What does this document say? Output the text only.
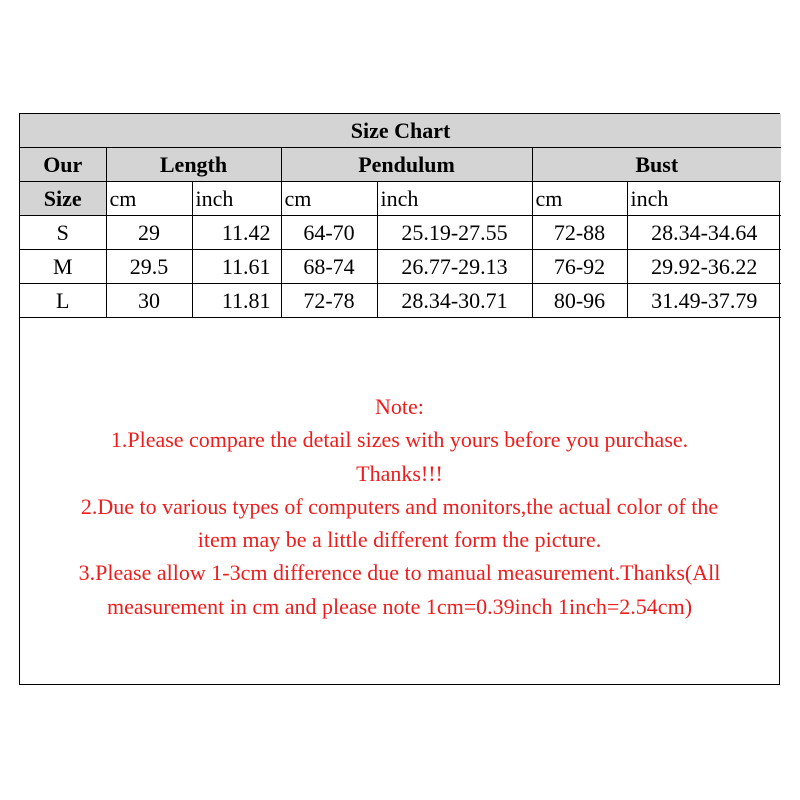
Size Chart						
Our	Length		Pendulum		Bust	
Size	cm	inch	cm	inch	cm	inch
S	29	11.42	64-70	25.19-27.55	72-88	28.34-34.64
M	29.5	11.61	68-74	26.77-29.13	76-92	29.92-36.22
L	30	11.81	72-78	28.34-30.71	80-96	31.49-37.79
Note:
1.Please compare the detail sizes with yours before you purchase.
Thanks!!!
2.Due to various types of computers and monitors,the actual color of the
item may be a little different form the picture.
3.Please allow 1-3cm difference due to manual measurement.Thanks(All
measurement in cm and please note 1cm=0.39inch 1inch=2.54cm)
